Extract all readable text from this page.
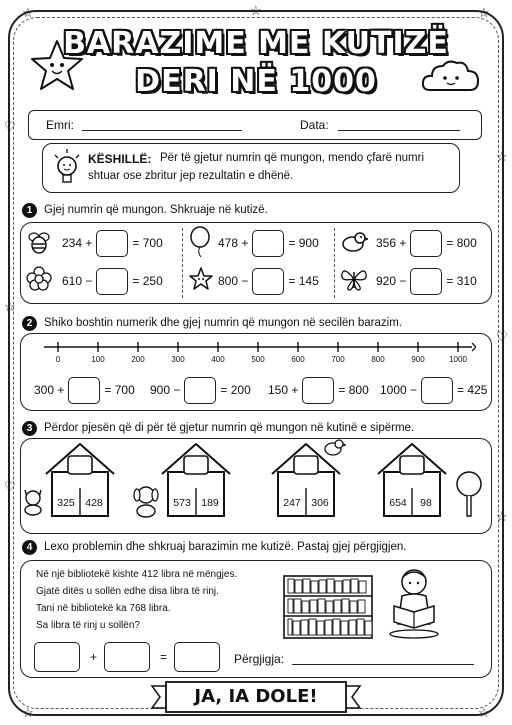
☆	☆	☆
♡
☆
☆
♡
♡
☆
☆	☆
BARAZIME ME KUTIZË
DERI NË 1000
Emri:	Data:
KËSHILLË: Për të gjetur numrin që mungon, mendo çfarë numri
shtuar ose zbritur jep rezultatin e dhënë.
1	Gjej numrin që mungon. Shkruaje në kutizë.
234 +	= 700	478 +	= 900	356 +	= 800
610 −	= 250	800 −	= 145	920 −	= 310
2	Shiko boshtin numerik dhe gjej numrin që mungon në secilën barazim.
0	100	200	300	400	500	600	700	800	900	1000
300 +	= 700 900 −	= 200 150 +	= 800 1000 −	= 425
3	Përdor pjesën që di për të gjetur numrin që mungon në kutinë e sipërme.
325 428	573 189	247 306	654	98
4	Lexo problemin dhe shkruaj barazimin me kutizë. Pastaj gjej përgjigjen.
Në një bibliotekë kishte 412 libra në mëngjes.
Gjatë ditës u sollën edhe disa libra të rinj.
Tani në bibliotekë ka 768 libra.
Sa libra të rinj u sollën?
+	=	Përgjigja:
JA, IA DOLE!
